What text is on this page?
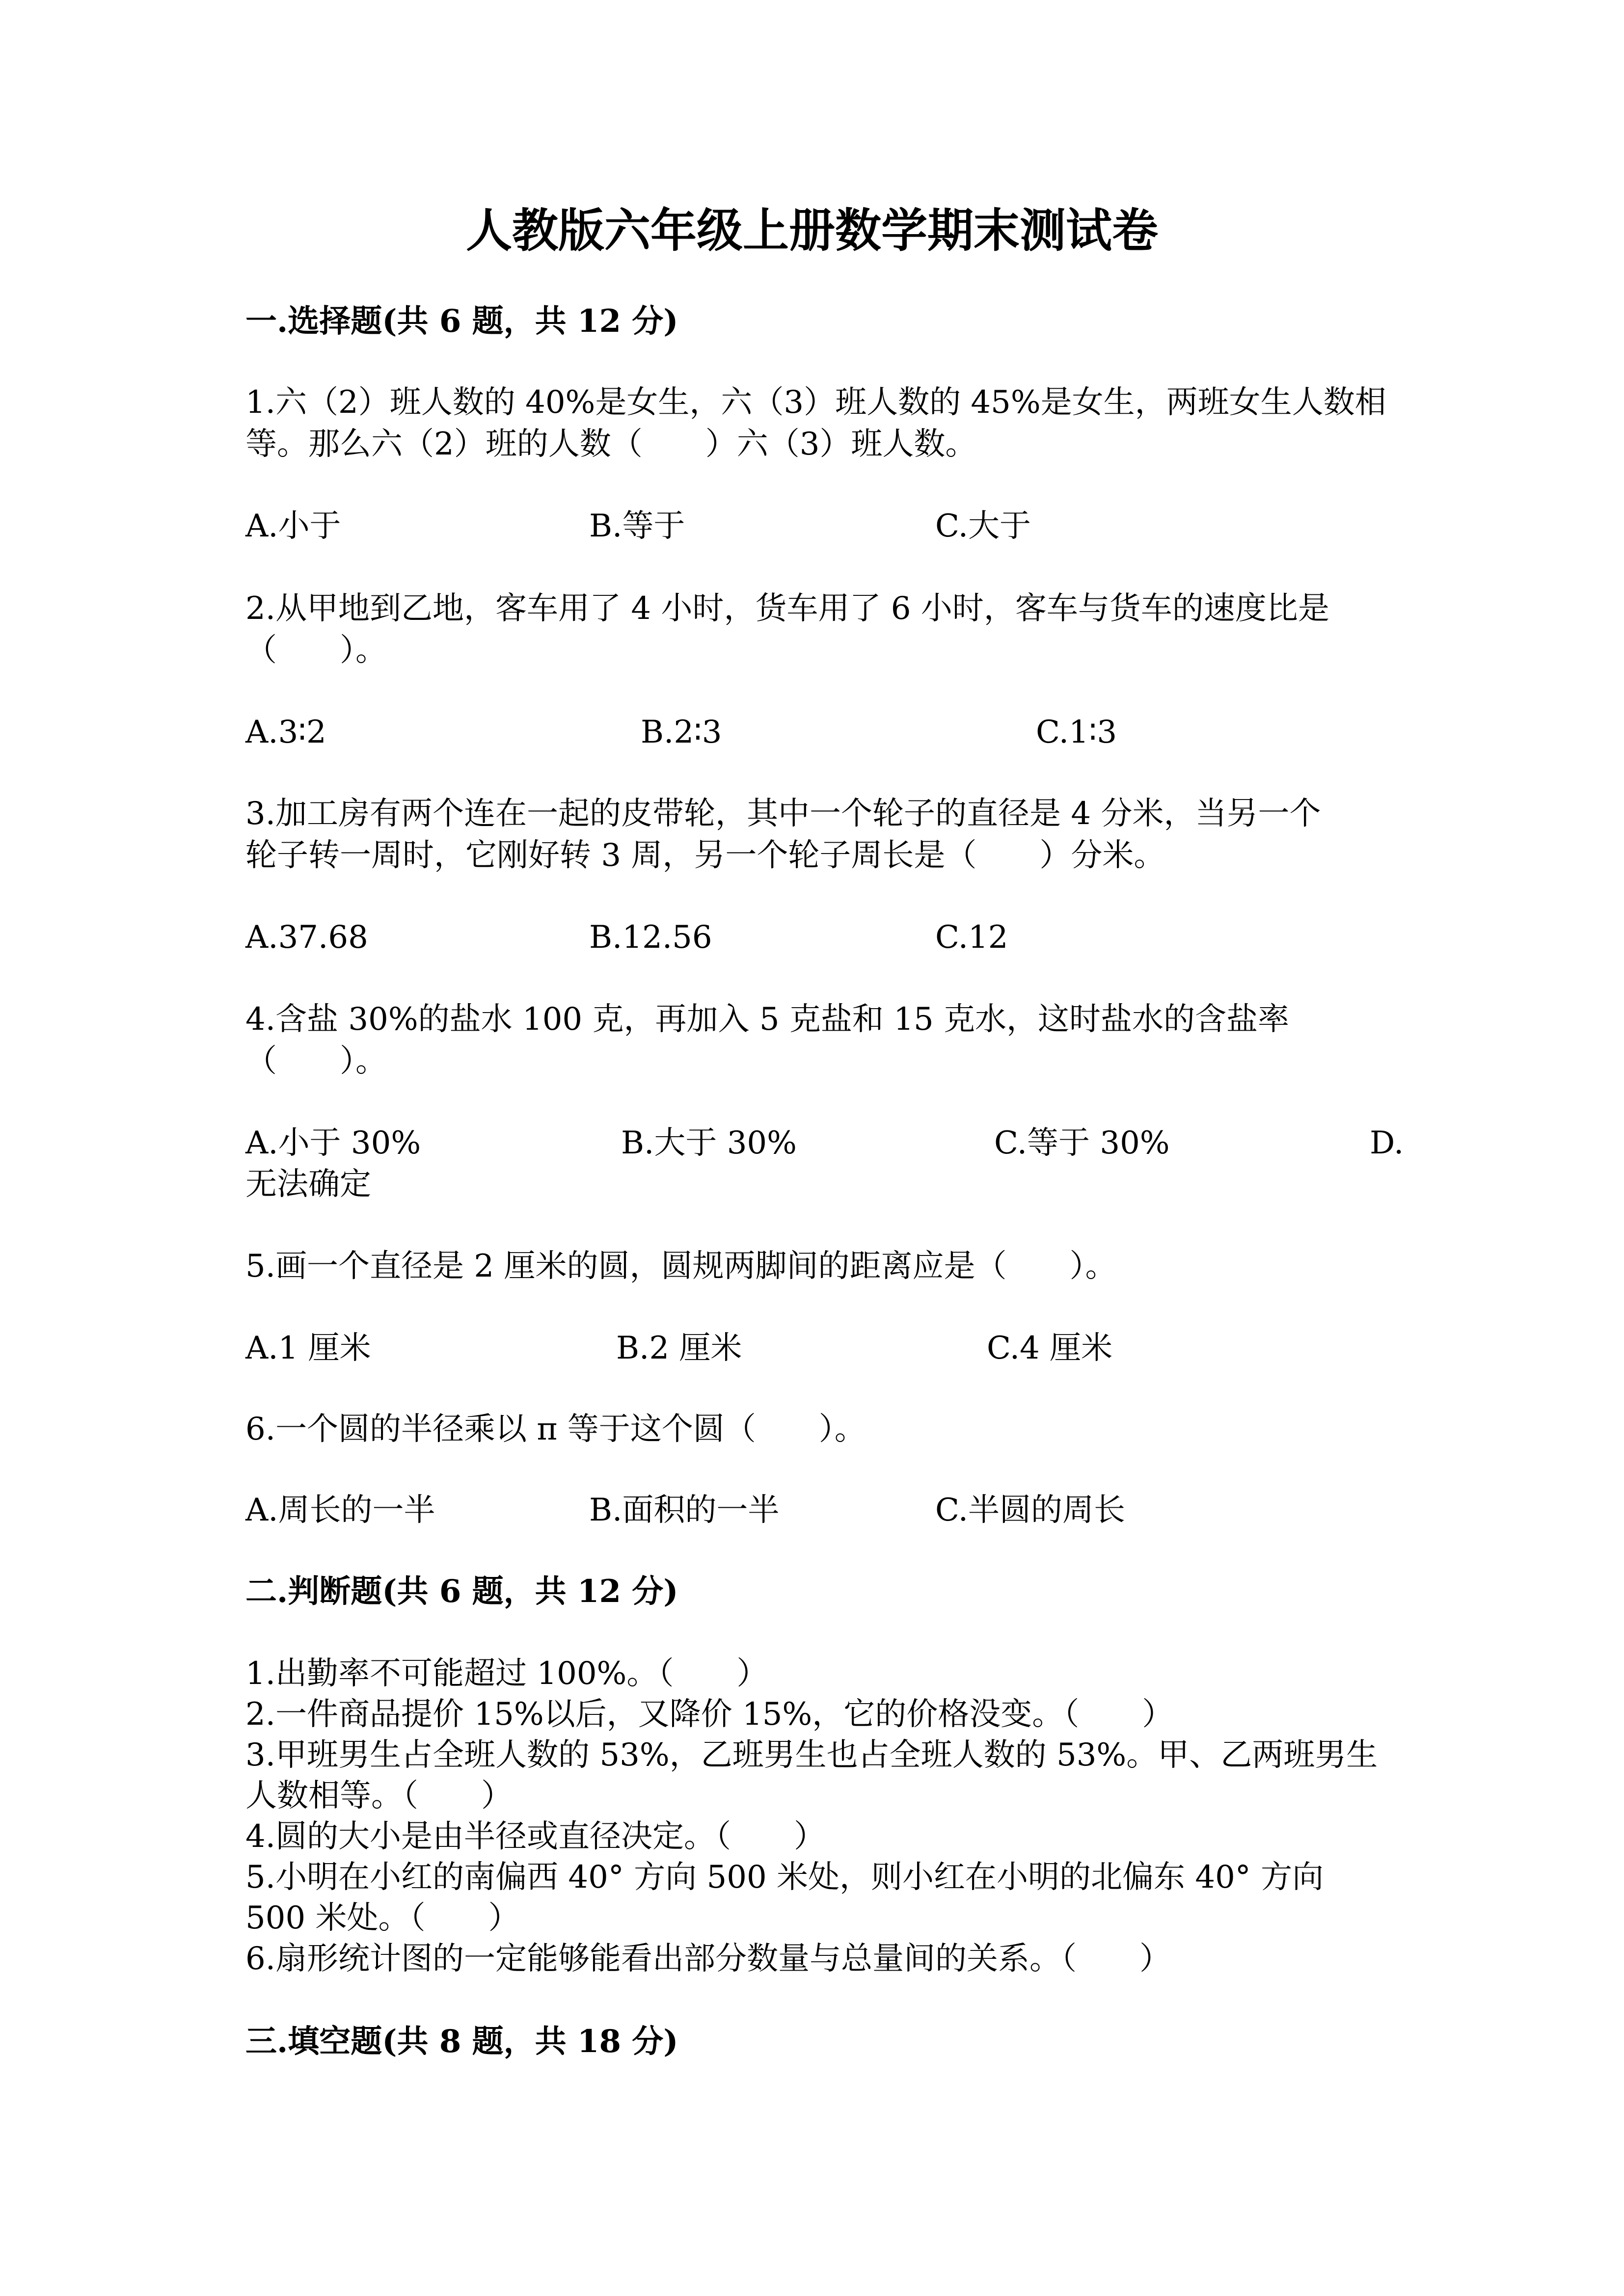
人教版六年级上册数学期末测试卷
一.选择题(共 6 题，共 12 分)
1.六（2）班人数的 40%是女生，六（3）班人数的 45%是女生，两班女生人数相
等。那么六（2）班的人数（　　）六（3）班人数。
A.小于	B.等于	C.大于
2.从甲地到乙地，客车用了 4 小时，货车用了 6 小时，客车与货车的速度比是
（　　）。
A.3∶2	B.2∶3	C.1∶3
3.加工房有两个连在一起的皮带轮，其中一个轮子的直径是 4 分米，当另一个
轮子转一周时，它刚好转 3 周，另一个轮子周长是（　　）分米。
A.37.68	B.12.56	C.12
4.含盐 30%的盐水 100 克，再加入 5 克盐和 15 克水，这时盐水的含盐率
（　　）。
A.小于 30%	B.大于 30%	C.等于 30%	D.
无法确定
5.画一个直径是 2 厘米的圆，圆规两脚间的距离应是（　　）。
A.1 厘米	B.2 厘米	C.4 厘米
6.一个圆的半径乘以 π 等于这个圆（　　）。
A.周长的一半	B.面积的一半	C.半圆的周长
二.判断题(共 6 题，共 12 分)
1.出勤率不可能超过 100%。（　　）
2.一件商品提价 15%以后，又降价 15%，它的价格没变。（　　）
3.甲班男生占全班人数的 53%，乙班男生也占全班人数的 53%。甲、乙两班男生
人数相等。（　　）
4.圆的大小是由半径或直径决定。（　　）
5.小明在小红的南偏西 40° 方向 500 米处，则小红在小明的北偏东 40° 方向
500 米处。（　　）
6.扇形统计图的一定能够能看出部分数量与总量间的关系。（　　）
三.填空题(共 8 题，共 18 分)
